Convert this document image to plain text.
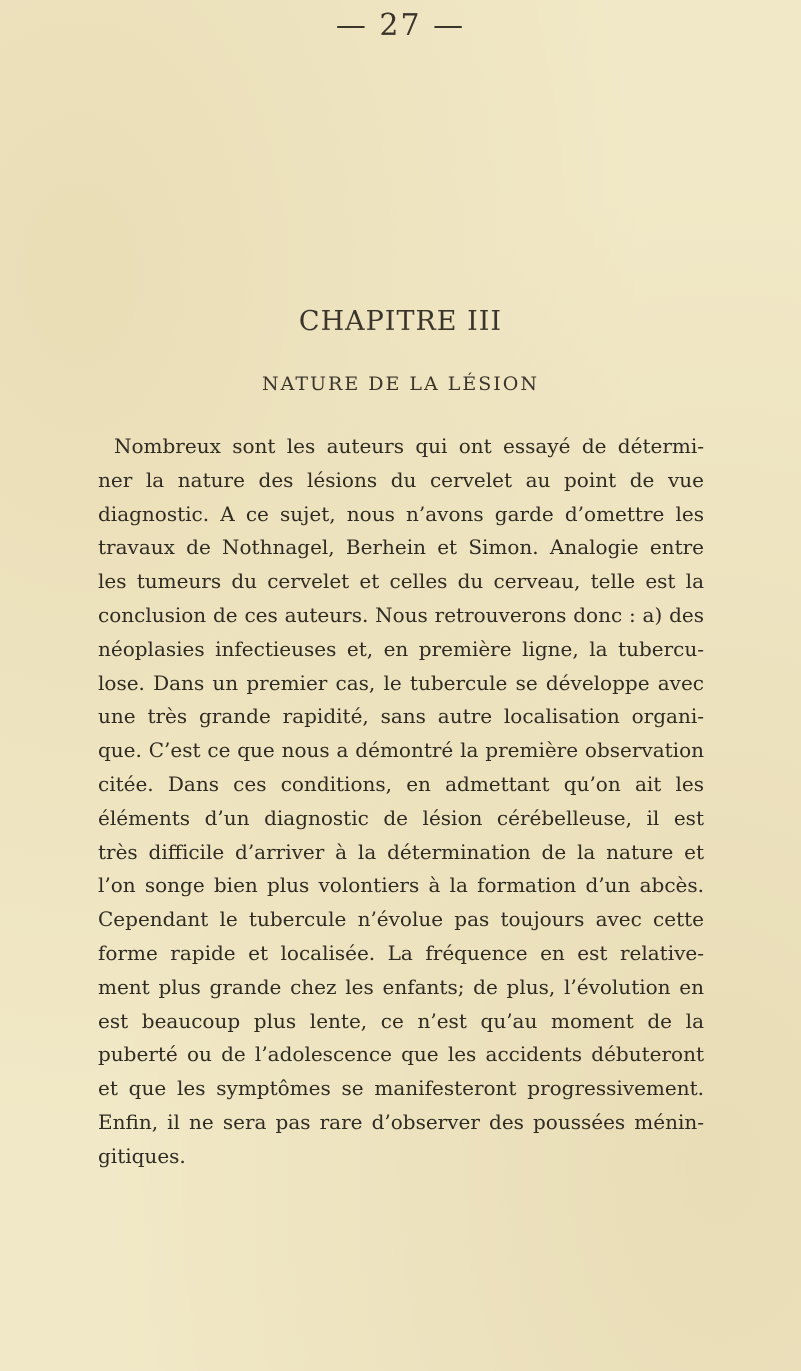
— 27 —
CHAPITRE III
NATURE DE LA LÉSION
Nombreux sont les auteurs qui ont essayé de détermi-
ner la nature des lésions du cervelet au point de vue
diagnostic. A ce sujet, nous n’avons garde d’omettre les
travaux de Nothnagel, Berhein et Simon. Analogie entre
les tumeurs du cervelet et celles du cerveau, telle est la
conclusion de ces auteurs. Nous retrouverons donc : a) des
néoplasies infectieuses et, en première ligne, la tubercu-
lose. Dans un premier cas, le tubercule se développe avec
une très grande rapidité, sans autre localisation organi-
que. C’est ce que nous a démontré la première observation
citée. Dans ces conditions, en admettant qu’on ait les
éléments d’un diagnostic de lésion cérébelleuse, il est
très difficile d’arriver à la détermination de la nature et
l’on songe bien plus volontiers à la formation d’un abcès.
Cependant le tubercule n’évolue pas toujours avec cette
forme rapide et localisée. La fréquence en est relative-
ment plus grande chez les enfants; de plus, l’évolution en
est beaucoup plus lente, ce n’est qu’au moment de la
puberté ou de l’adolescence que les accidents débuteront
et que les symptômes se manifesteront progressivement.
Enfin, il ne sera pas rare d’observer des poussées ménin-
gitiques.
